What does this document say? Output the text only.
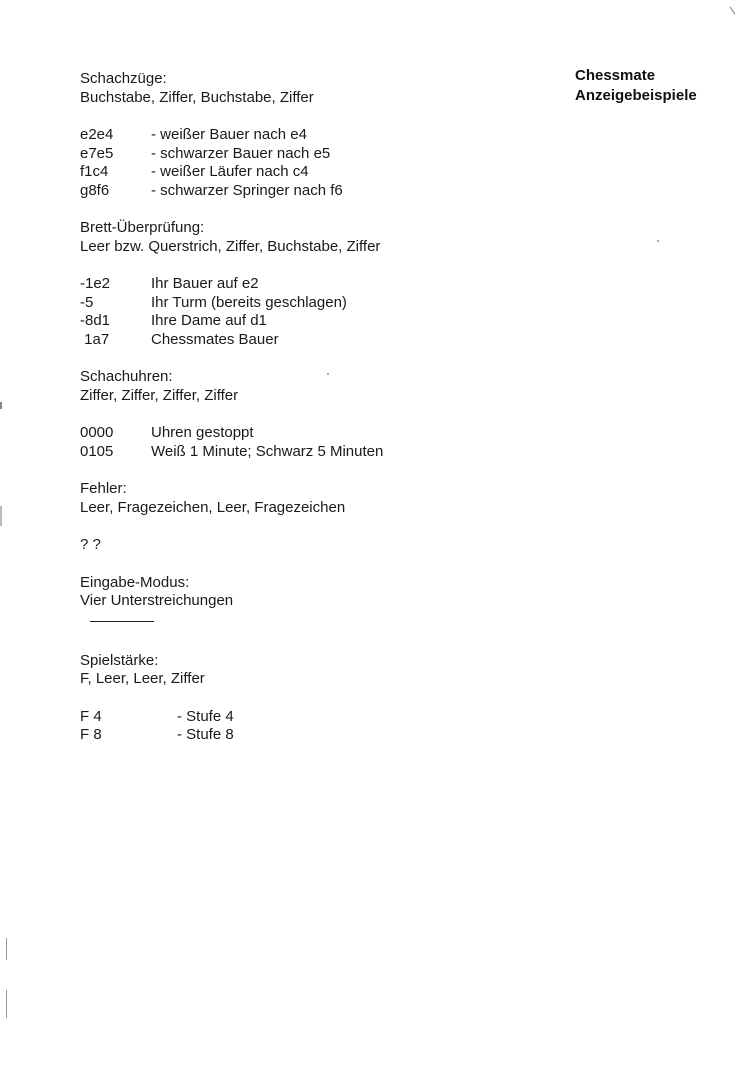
Chessmate
Anzeigebeispiele
Schachzüge:
Buchstabe, Ziffer, Buchstabe, Ziffer
e2e4	- weißer Bauer nach e4
e7e5	- schwarzer Bauer nach e5
f1c4	- weißer Läufer nach c4
g8f6	- schwarzer Springer nach f6
Brett-Überprüfung:
Leer bzw. Querstrich, Ziffer, Buchstabe, Ziffer
-1e2	Ihr Bauer auf e2
-5	Ihr Turm (bereits geschlagen)
-8d1	Ihre Dame auf d1
1a7	Chessmates Bauer
Schachuhren:
Ziffer, Ziffer, Ziffer, Ziffer
0000	Uhren gestoppt
0105	Weiß 1 Minute; Schwarz 5 Minuten
Fehler:
Leer, Fragezeichen, Leer, Fragezeichen
? ?
Eingabe-Modus:
Vier Unterstreichungen
Spielstärke:
F, Leer, Leer, Ziffer
F 4	- Stufe 4
F 8	- Stufe 8
